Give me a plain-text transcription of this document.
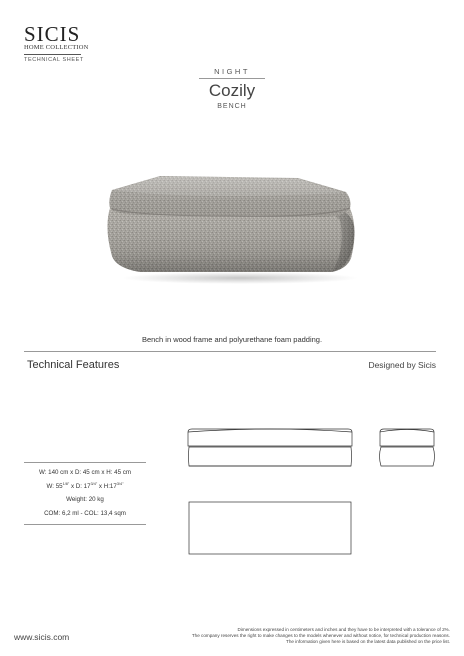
SICIS
HOME COLLECTION
TECHNICAL SHEET
NIGHT
Cozily
BENCH
Bench in wood frame and polyurethane foam padding.
Technical Features	Designed by Sicis
W: 140 cm x D: 45 cm x H: 45 cm
W: $55^{1/8"}$ x D: $17^{3/4"}$ x $H:17^{3/4"}$
Weight: 20 kg
COM: 6,2 ml - COL: 13,4 sqm
www.sicis.com
Dimensions expressed in centimeters and inches and they have to be interpreted with a tolerance of 2%.
The company reserves the right to make changes to the models whenever and without notice, for technical production reasons.
The information given here is based on the latest data published on the price list.
